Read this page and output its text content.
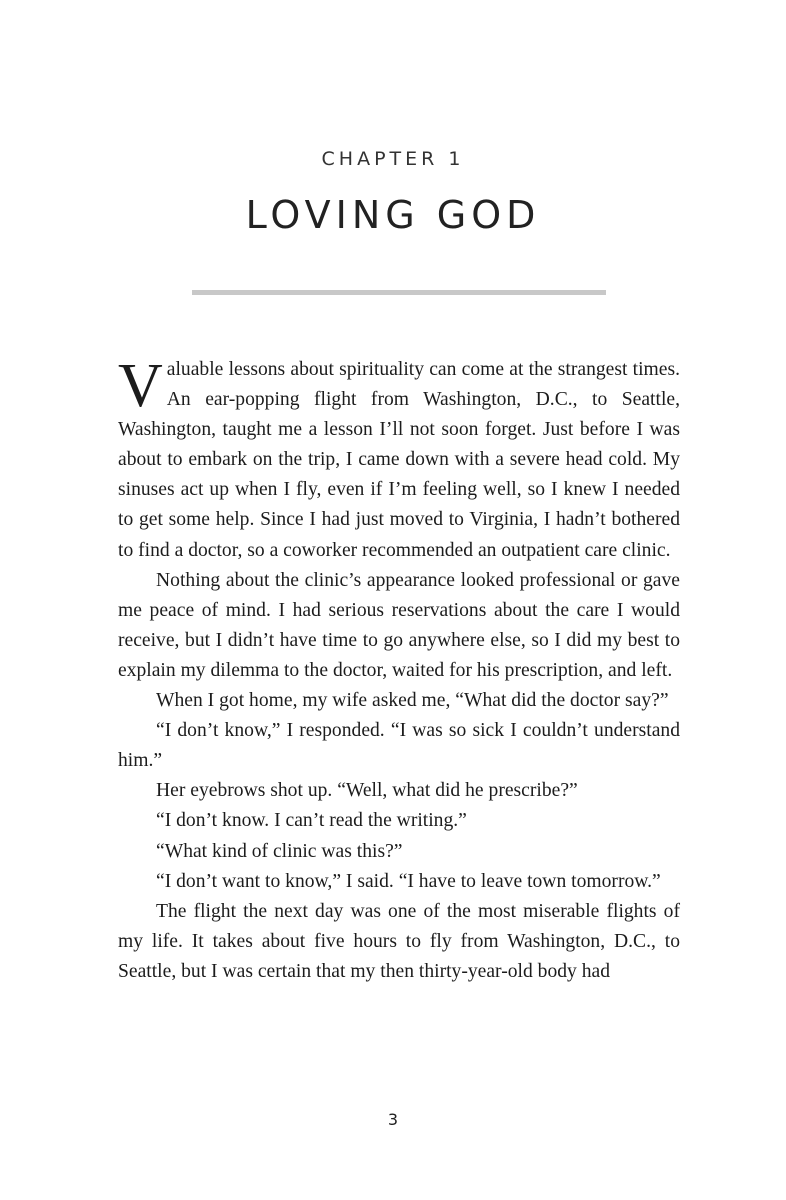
CHAPTER 1
LOVING GOD

Valuable lessons about spirituality can come at the strangest times. An ear-popping flight from Washington, D.C., to Seattle, Washington, taught me a lesson I’ll not soon forget. Just before I was about to embark on the trip, I came down with a severe head cold. My sinuses act up when I fly, even if I’m feeling well, so I knew I needed to get some help. Since I had just moved to Virginia, I hadn’t bothered to find a doctor, so a coworker recommended an outpatient care clinic.

Nothing about the clinic’s appearance looked professional or gave me peace of mind. I had serious reservations about the care I would receive, but I didn’t have time to go anywhere else, so I did my best to explain my dilemma to the doctor, waited for his prescription, and left.

When I got home, my wife asked me, “What did the doctor say?”

“I don’t know,” I responded. “I was so sick I couldn’t understand him.”

Her eyebrows shot up. “Well, what did he prescribe?”

“I don’t know. I can’t read the writing.”

“What kind of clinic was this?”

“I don’t want to know,” I said. “I have to leave town tomorrow.”

The flight the next day was one of the most miserable flights of my life. It takes about five hours to fly from Washington, D.C., to Seattle, but I was certain that my then thirty-year-old body had

3
